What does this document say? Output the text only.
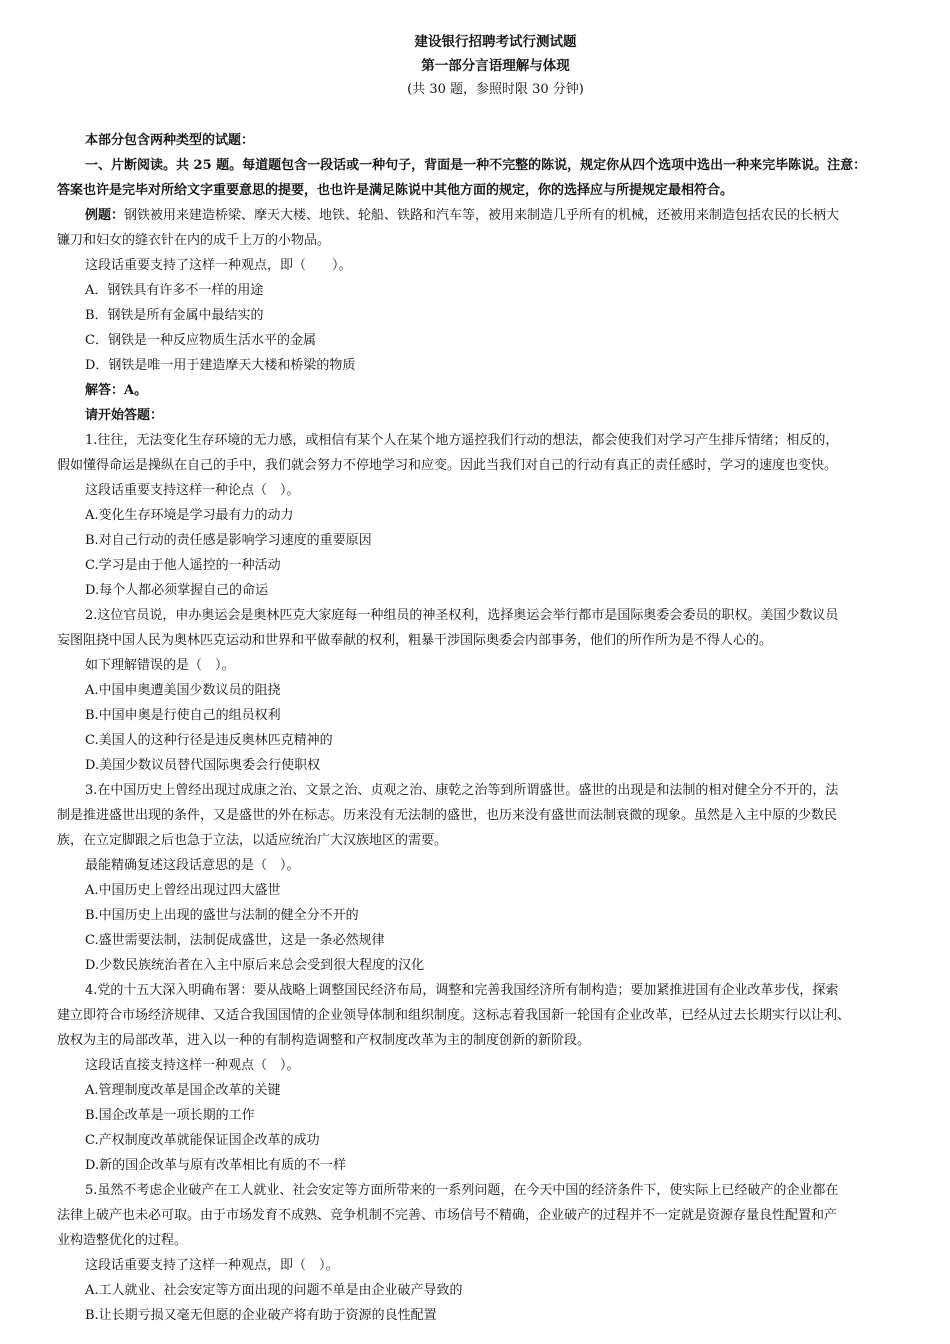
建设银行招聘考试行测试题

第一部分言语理解与体现

(共 30 题，参照时限 30 分钟)

本部分包含两种类型的试题：

一、片断阅读。共 25 题。每道题包含一段话或一种句子，背面是一种不完整的陈说，规定你从四个选项中选出一种来完毕陈说。注意：

答案也许是完毕对所给文字重要意思的提要，也也许是满足陈说中其他方面的规定，你的选择应与所提规定最相符合。

例题：钢铁被用来建造桥梁、摩天大楼、地铁、轮船、铁路和汽车等，被用来制造几乎所有的机械，还被用来制造包括农民的长柄大

镰刀和妇女的缝衣针在内的成千上万的小物品。

这段话重要支持了这样一种观点，即（　　）。

A．钢铁具有许多不一样的用途

B．钢铁是所有金属中最结实的

C．钢铁是一种反应物质生活水平的金属

D．钢铁是唯一用于建造摩天大楼和桥梁的物质

解答：A。

请开始答题：

1.往往，无法变化生存环境的无力感，或相信有某个人在某个地方遥控我们行动的想法，都会使我们对学习产生排斥情绪；相反的，

假如懂得命运是操纵在自己的手中，我们就会努力不停地学习和应变。因此当我们对自己的行动有真正的责任感时，学习的速度也变快。

这段话重要支持这样一种论点（　）。

A.变化生存环境是学习最有力的动力

B.对自己行动的责任感是影响学习速度的重要原因

C.学习是由于他人遥控的一种活动

D.每个人都必须掌握自己的命运

2.这位官员说，申办奥运会是奥林匹克大家庭每一种组员的神圣权利，选择奥运会举行都市是国际奥委会委员的职权。美国少数议员

妄图阻挠中国人民为奥林匹克运动和世界和平做奉献的权利，粗暴干涉国际奥委会内部事务，他们的所作所为是不得人心的。

如下理解错误的是（　）。

A.中国申奥遭美国少数议员的阻挠

B.中国申奥是行使自己的组员权利

C.美国人的这种行径是违反奥林匹克精神的

D.美国少数议员替代国际奥委会行使职权

3.在中国历史上曾经出现过成康之治、文景之治、贞观之治、康乾之治等到所谓盛世。盛世的出现是和法制的相对健全分不开的，法

制是推进盛世出现的条件，又是盛世的外在标志。历来没有无法制的盛世，也历来没有盛世而法制衰微的现象。虽然是入主中原的少数民

族，在立定脚跟之后也急于立法，以适应统治广大汉族地区的需要。

最能精确复述这段话意思的是（　）。

A.中国历史上曾经出现过四大盛世

B.中国历史上出现的盛世与法制的健全分不开的

C.盛世需要法制，法制促成盛世，这是一条必然规律

D.少数民族统治者在入主中原后来总会受到很大程度的汉化

4.党的十五大深入明确布署：要从战略上调整国民经济布局，调整和完善我国经济所有制构造；要加紧推进国有企业改革步伐，探索

建立即符合市场经济规律、又适合我国国情的企业领导体制和组织制度。这标志着我国新一轮国有企业改革，已经从过去长期实行以让利、

放权为主的局部改革，进入以一种的有制构造调整和产权制度改革为主的制度创新的新阶段。

这段话直接支持这样一种观点（　）。

A.管理制度改革是国企改革的关键

B.国企改革是一项长期的工作

C.产权制度改革就能保证国企改革的成功

D.新的国企改革与原有改革相比有质的不一样

5.虽然不考虑企业破产在工人就业、社会安定等方面所带来的一系列问题，在今天中国的经济条件下，使实际上已经破产的企业都在

法律上破产也未必可取。由于市场发育不成熟、竞争机制不完善、市场信号不精确，企业破产的过程并不一定就是资源存量良性配置和产

业构造整优化的过程。

这段话重要支持了这样一种观点，即（　）。

A.工人就业、社会安定等方面出现的问题不单是由企业破产导致的

B.让长期亏损又毫无但愿的企业破产将有助于资源的良性配置
